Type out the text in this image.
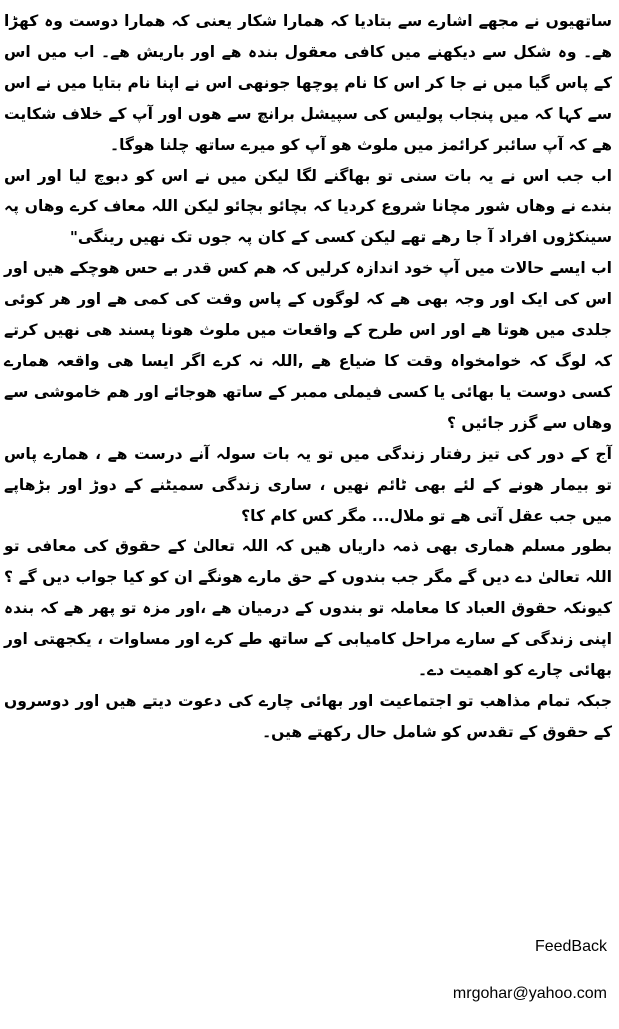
ساتھیوں نے مجھے اشارے سے بتادیا کہ ھمارا شکار یعنی کہ ھمارا دوست وہ کھڑا ھے۔ وہ شکل سے دیکھنے میں کافی معقول بندہ ھے اور باریش ھے۔ اب میں اس کے پاس گیا میں نے جا کر اس کا نام پوچھا جونھی اس نے اپنا نام بتایا میں نے اس سے کہا کہ میں پنجاب پولیس کی سپیشل برانچ سے ھوں اور آپ کے خلاف شکایت ھے کہ آپ سائبر کرائمز میں ملوث ھو آپ کو میرے ساتھ چلنا ھوگا۔

اب جب اس نے یہ بات سنی تو بھاگنے لگا لیکن میں نے اس کو دبوچ لیا اور اس بندے نے وھاں شور مچانا شروع کردیا کہ بچائو بچائو لیکن اللہ معاف کرے وھاں پہ سینکڑوں افراد آ جا رھے تھے لیکن کسی کے کان پہ جوں تک نھیں رینگی"

اب ایسے حالات میں آپ خود اندازہ کرلیں کہ ھم کس قدر بے حس ھوچکے ھیں اور اس کی ایک اور وجہ بھی ھے کہ لوگوں کے پاس وقت کی کمی ھے اور ھر کوئی جلدی میں ھوتا ھے اور اس طرح کے واقعات میں ملوث ھونا پسند ھی نھیں کرتے کہ لوگ کہ خوامخواہ وقت کا ضیاع ھے ,اللہ نہ کرے اگر ایسا ھی واقعہ ھمارے کسی دوست یا بھائی یا کسی فیملی ممبر کے ساتھ ھوجائے اور ھم خاموشی سے وھاں سے گزر جائیں ؟

آج کے دور کی تیز رفتار زندگی میں تو یہ بات سولہ آنے درست ھے ، ھمارے پاس تو بیمار ھونے کے لئے بھی ٹائم نھیں ، ساری زندگی سمیٹنے کے دوڑ اور بڑھاپے میں جب عقل آتی ھے تو ملال... مگر کس کام کا؟

بطور مسلم ھماری بھی ذمہ داریاں ھیں کہ اللہ تعالیٰ کے حقوق کی معافی تو اللہ تعالیٰ دے دیں گے مگر جب بندوں کے حق مارے ھونگے ان کو کیا جواب دیں گے ؟ کیونکہ حقوق العباد کا معاملہ تو بندوں کے درمیان ھے ،اور مزہ تو پھر ھے کہ بندہ اپنی زندگی کے سارے مراحل کامیابی کے ساتھ طے کرے اور مساوات ، یکجھتی اور بھائی چارے کو اھمیت دے۔

جبکہ تمام مذاھب تو اجتماعیت اور بھائی چارے کی دعوت دیتے ھیں اور دوسروں کے حقوق کے تقدس کو شامل حال رکھتے ھیں۔

FeedBack
mrgohar@yahoo.com
